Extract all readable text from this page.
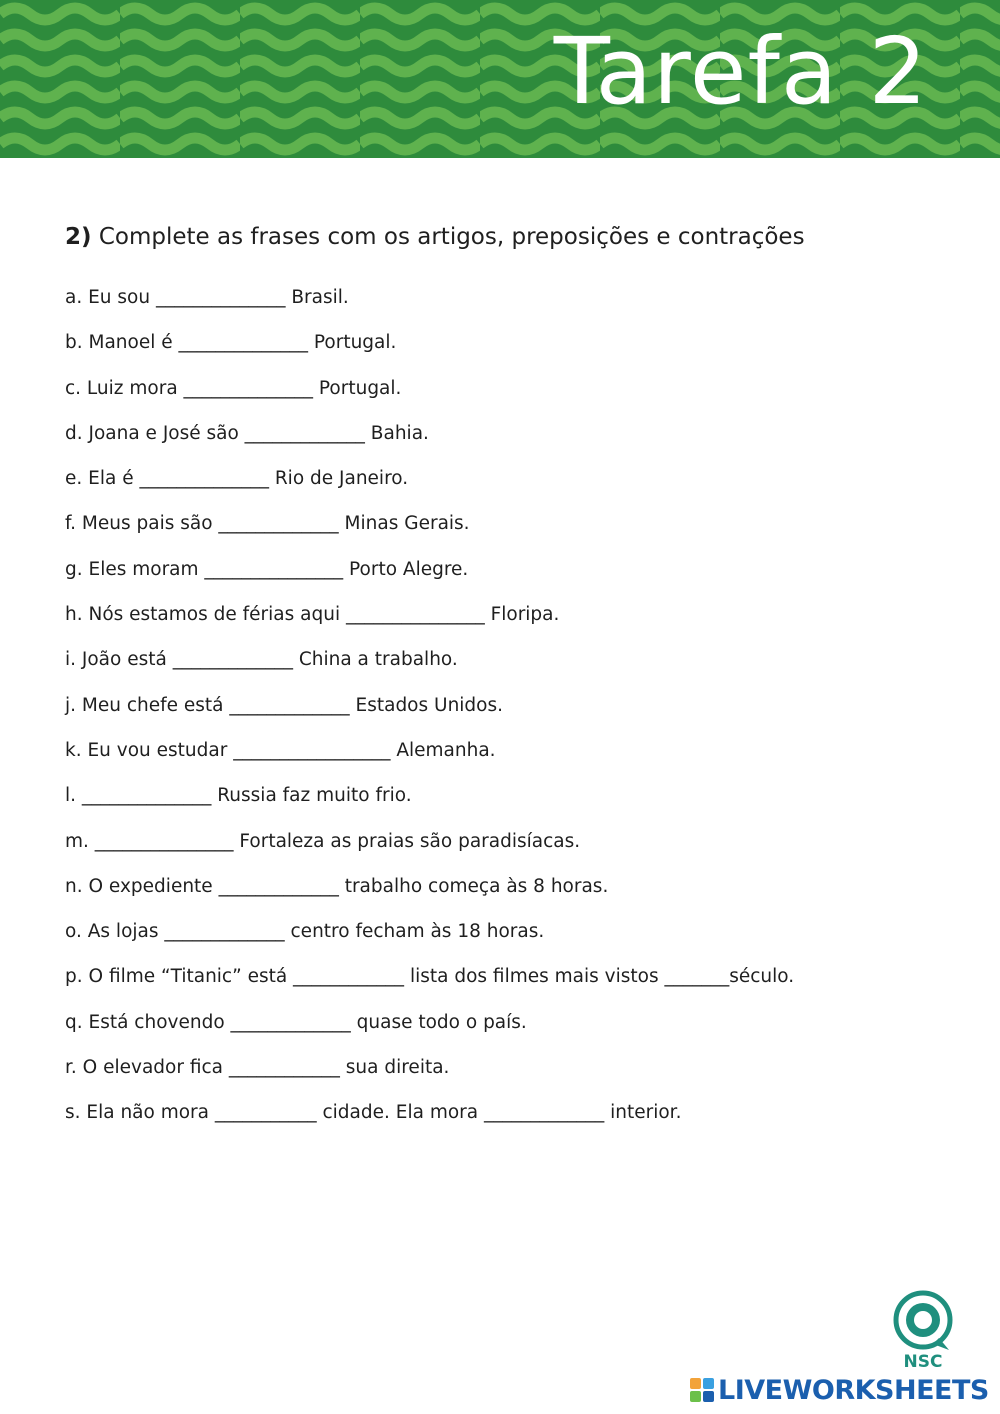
Tarefa 2
2) Complete as frases com os artigos, preposições e contrações
a. Eu sou ______________ Brasil.
b. Manoel é ______________ Portugal.
c. Luiz mora ______________ Portugal.
d. Joana e José são _____________ Bahia.
e. Ela é ______________ Rio de Janeiro.
f. Meus pais são _____________ Minas Gerais.
g. Eles moram _______________ Porto Alegre.
h. Nós estamos de férias aqui _______________ Floripa.
i. João está _____________ China a trabalho.
j. Meu chefe está _____________ Estados Unidos.
k. Eu vou estudar _________________ Alemanha.
l. ______________ Russia faz muito frio.
m. _______________ Fortaleza as praias são paradisíacas.
n. O expediente _____________ trabalho começa às 8 horas.
o. As lojas _____________ centro fecham às 18 horas.
p. O filme “Titanic” está ____________ lista dos filmes mais vistos _______século.
q. Está chovendo _____________ quase todo o país.
r. O elevador fica ____________ sua direita.
s. Ela não mora ___________ cidade. Ela mora _____________ interior.
NSC
LIVEWORKSHEETS
